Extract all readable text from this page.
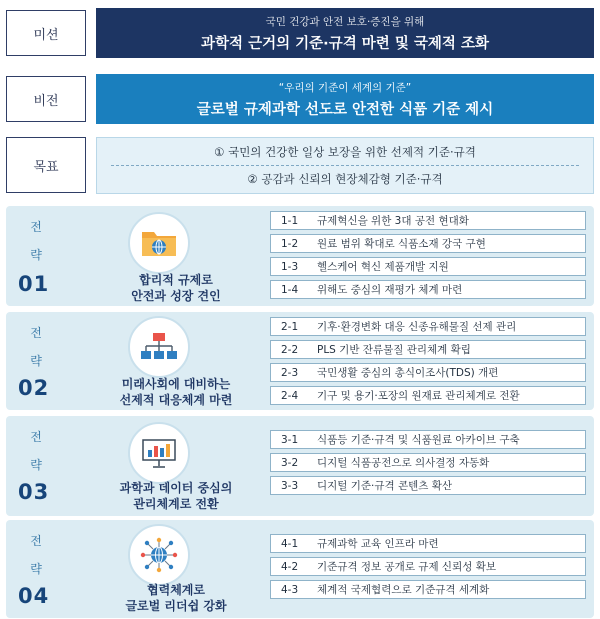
미션
국민 건강과 안전 보호·증진을 위해
과학적 근거의 기준·규격 마련 및 국제적 조화
비전
“우리의 기준이 세계의 기준”
글로벌 규제과학 선도로 안전한 식품 기준 제시
목표
① 국민의 건강한 일상 보장을 위한 선제적 기준·규격
② 공감과 신뢰의 현장체감형 기준·규격
전
략
01	합리적 규제로
안전과 성장 견인
1-1	규제혁신을 위한 3대 공전 현대화
1-2	원료 범위 확대로 식품소재 강국 구현
1-3	헬스케어 혁신 제품개발 지원
1-4	위해도 중심의 재평가 체계 마련
전
략
02	미래사회에 대비하는
선제적 대응체계 마련
2-1	기후·환경변화 대응 신종유해물질 선제 관리
2-2	PLS 기반 잔류물질 관리체계 확립
2-3	국민생활 중심의 총식이조사(TDS) 개편
2-4	기구 및 용기·포장의 원재료 관리체계로 전환
전
략
03	과학과 데이터 중심의
관리체계로 전환
3-1	식품등 기준·규격 및 식품원료 아카이브 구축
3-2	디지털 식품공전으로 의사결정 자동화
3-3	디지털 기준·규격 콘텐츠 확산
전
략
04	협력체계로
글로벌 리더쉽 강화
4-1	규제과학 교육 인프라 마련
4-2	기준규격 정보 공개로 규제 신뢰성 확보
4-3	체계적 국제협력으로 기준규격 세계화
